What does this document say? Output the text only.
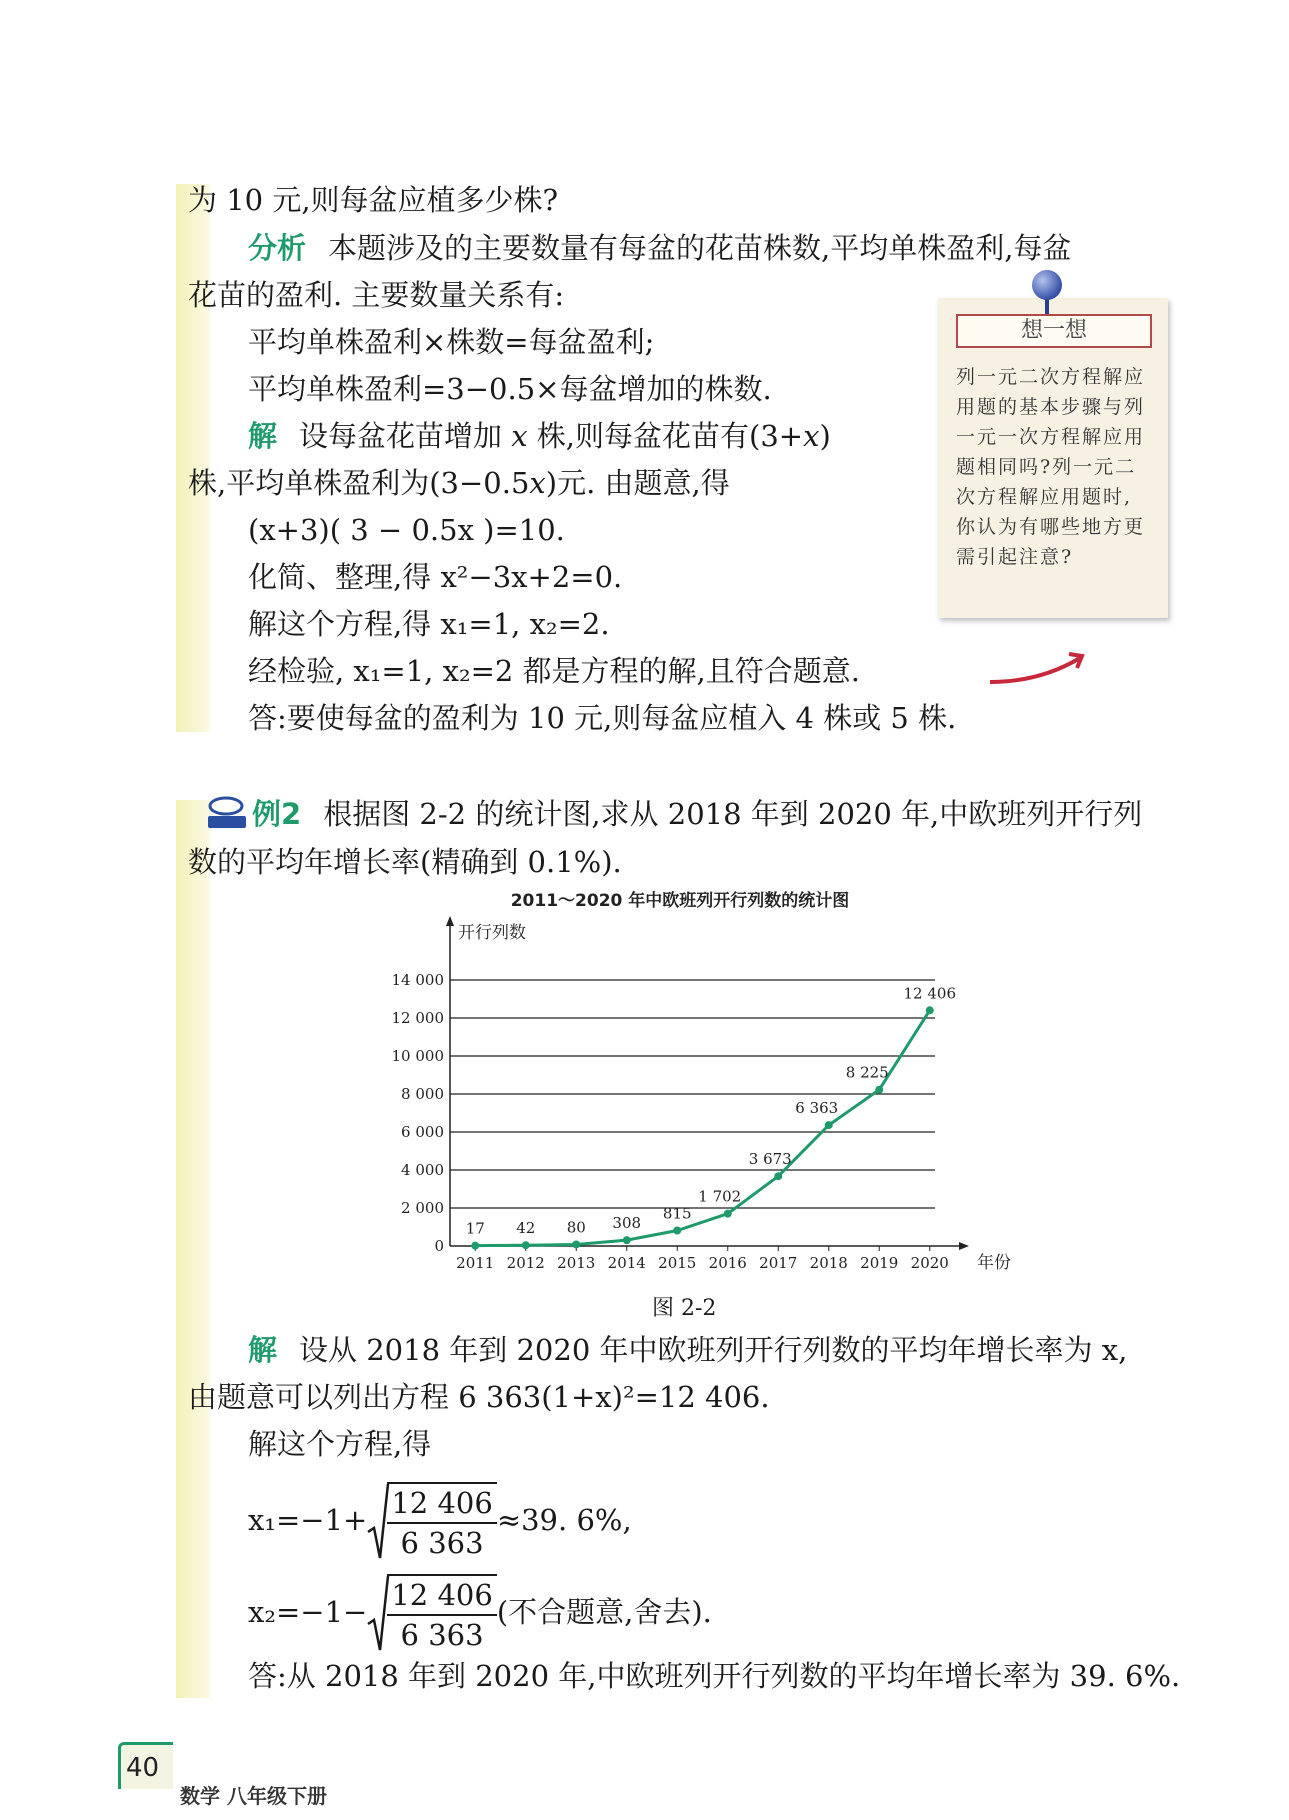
为 10 元,则每盆应植多少株?
分析 本题涉及的主要数量有每盆的花苗株数,平均单株盈利,每盆
花苗的盈利. 主要数量关系有:
平均单株盈利×株数=每盆盈利;
平均单株盈利=3−0.5×每盆增加的株数.
解 设每盆花苗增加 x 株,则每盆花苗有(3+x)
株,平均单株盈利为(3−0.5x)元. 由题意,得
(x+3)( 3 − 0.5x )=10.
化简、整理,得 x²−3x+2=0.
解这个方程,得 x₁=1, x₂=2.
经检验, x₁=1, x₂=2 都是方程的解,且符合题意.
答:要使每盆的盈利为 10 元,则每盆应植入 4 株或 5 株.
想一想
列一元二次方程解应用题的基本步骤与列一元一次方程解应用题相同吗?列一元二次方程解应用题时,你认为有哪些地方更需引起注意?
例2 根据图 2-2 的统计图,求从 2018 年到 2020 年,中欧班列开行列
数的平均年增长率(精确到 0.1%).
2011～2020 年中欧班列开行列数的统计图
开行列数
0
2 000
4 000
6 000
8 000
10 000
12 000
14 000
年份
2011 2012 2013 2014 2015 2016 2017 2018 2019 2020
17 42 80 308
815
1 702
3 673
6 363
8 225
12 406
图 2-2
解 设从 2018 年到 2020 年中欧班列开行列数的平均年增长率为 x,
由题意可以列出方程 6 363(1+x)²=12 406.
解这个方程,得
$x_1=-1+ \frac{12 406}{6 363} \approx 39$. 6%,
$x_2=-1- \frac{12 406}{6 363}$ (不合题意,舍去).
答:从 2018 年到 2020 年,中欧班列开行列数的平均年增长率为 39. 6%.
40
数学 八年级下册
